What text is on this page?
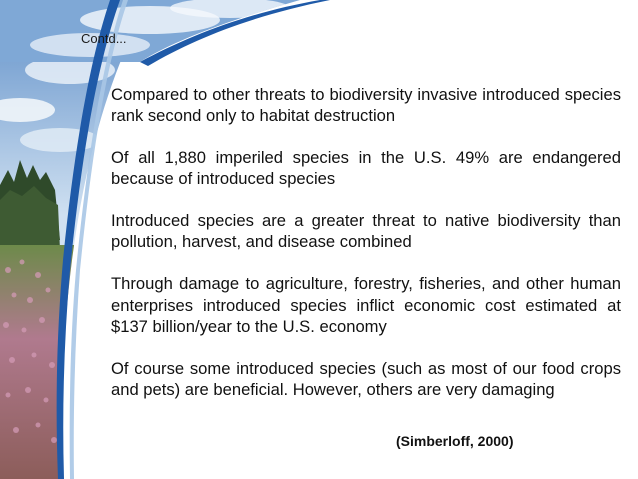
Contd...
Compared to other threats to biodiversity invasive introduced species rank second only to habitat destruction
Of all 1,880 imperiled species in the U.S. 49% are endangered because of introduced species
Introduced species are a greater threat to native biodiversity than pollution, harvest, and disease combined
Through damage to agriculture, forestry, fisheries, and other human enterprises introduced species inflict economic cost estimated at $137 billion/year to the U.S. economy
Of course some introduced species (such as most of our food crops and pets) are beneficial. However, others are very damaging
(Simberloff, 2000)
